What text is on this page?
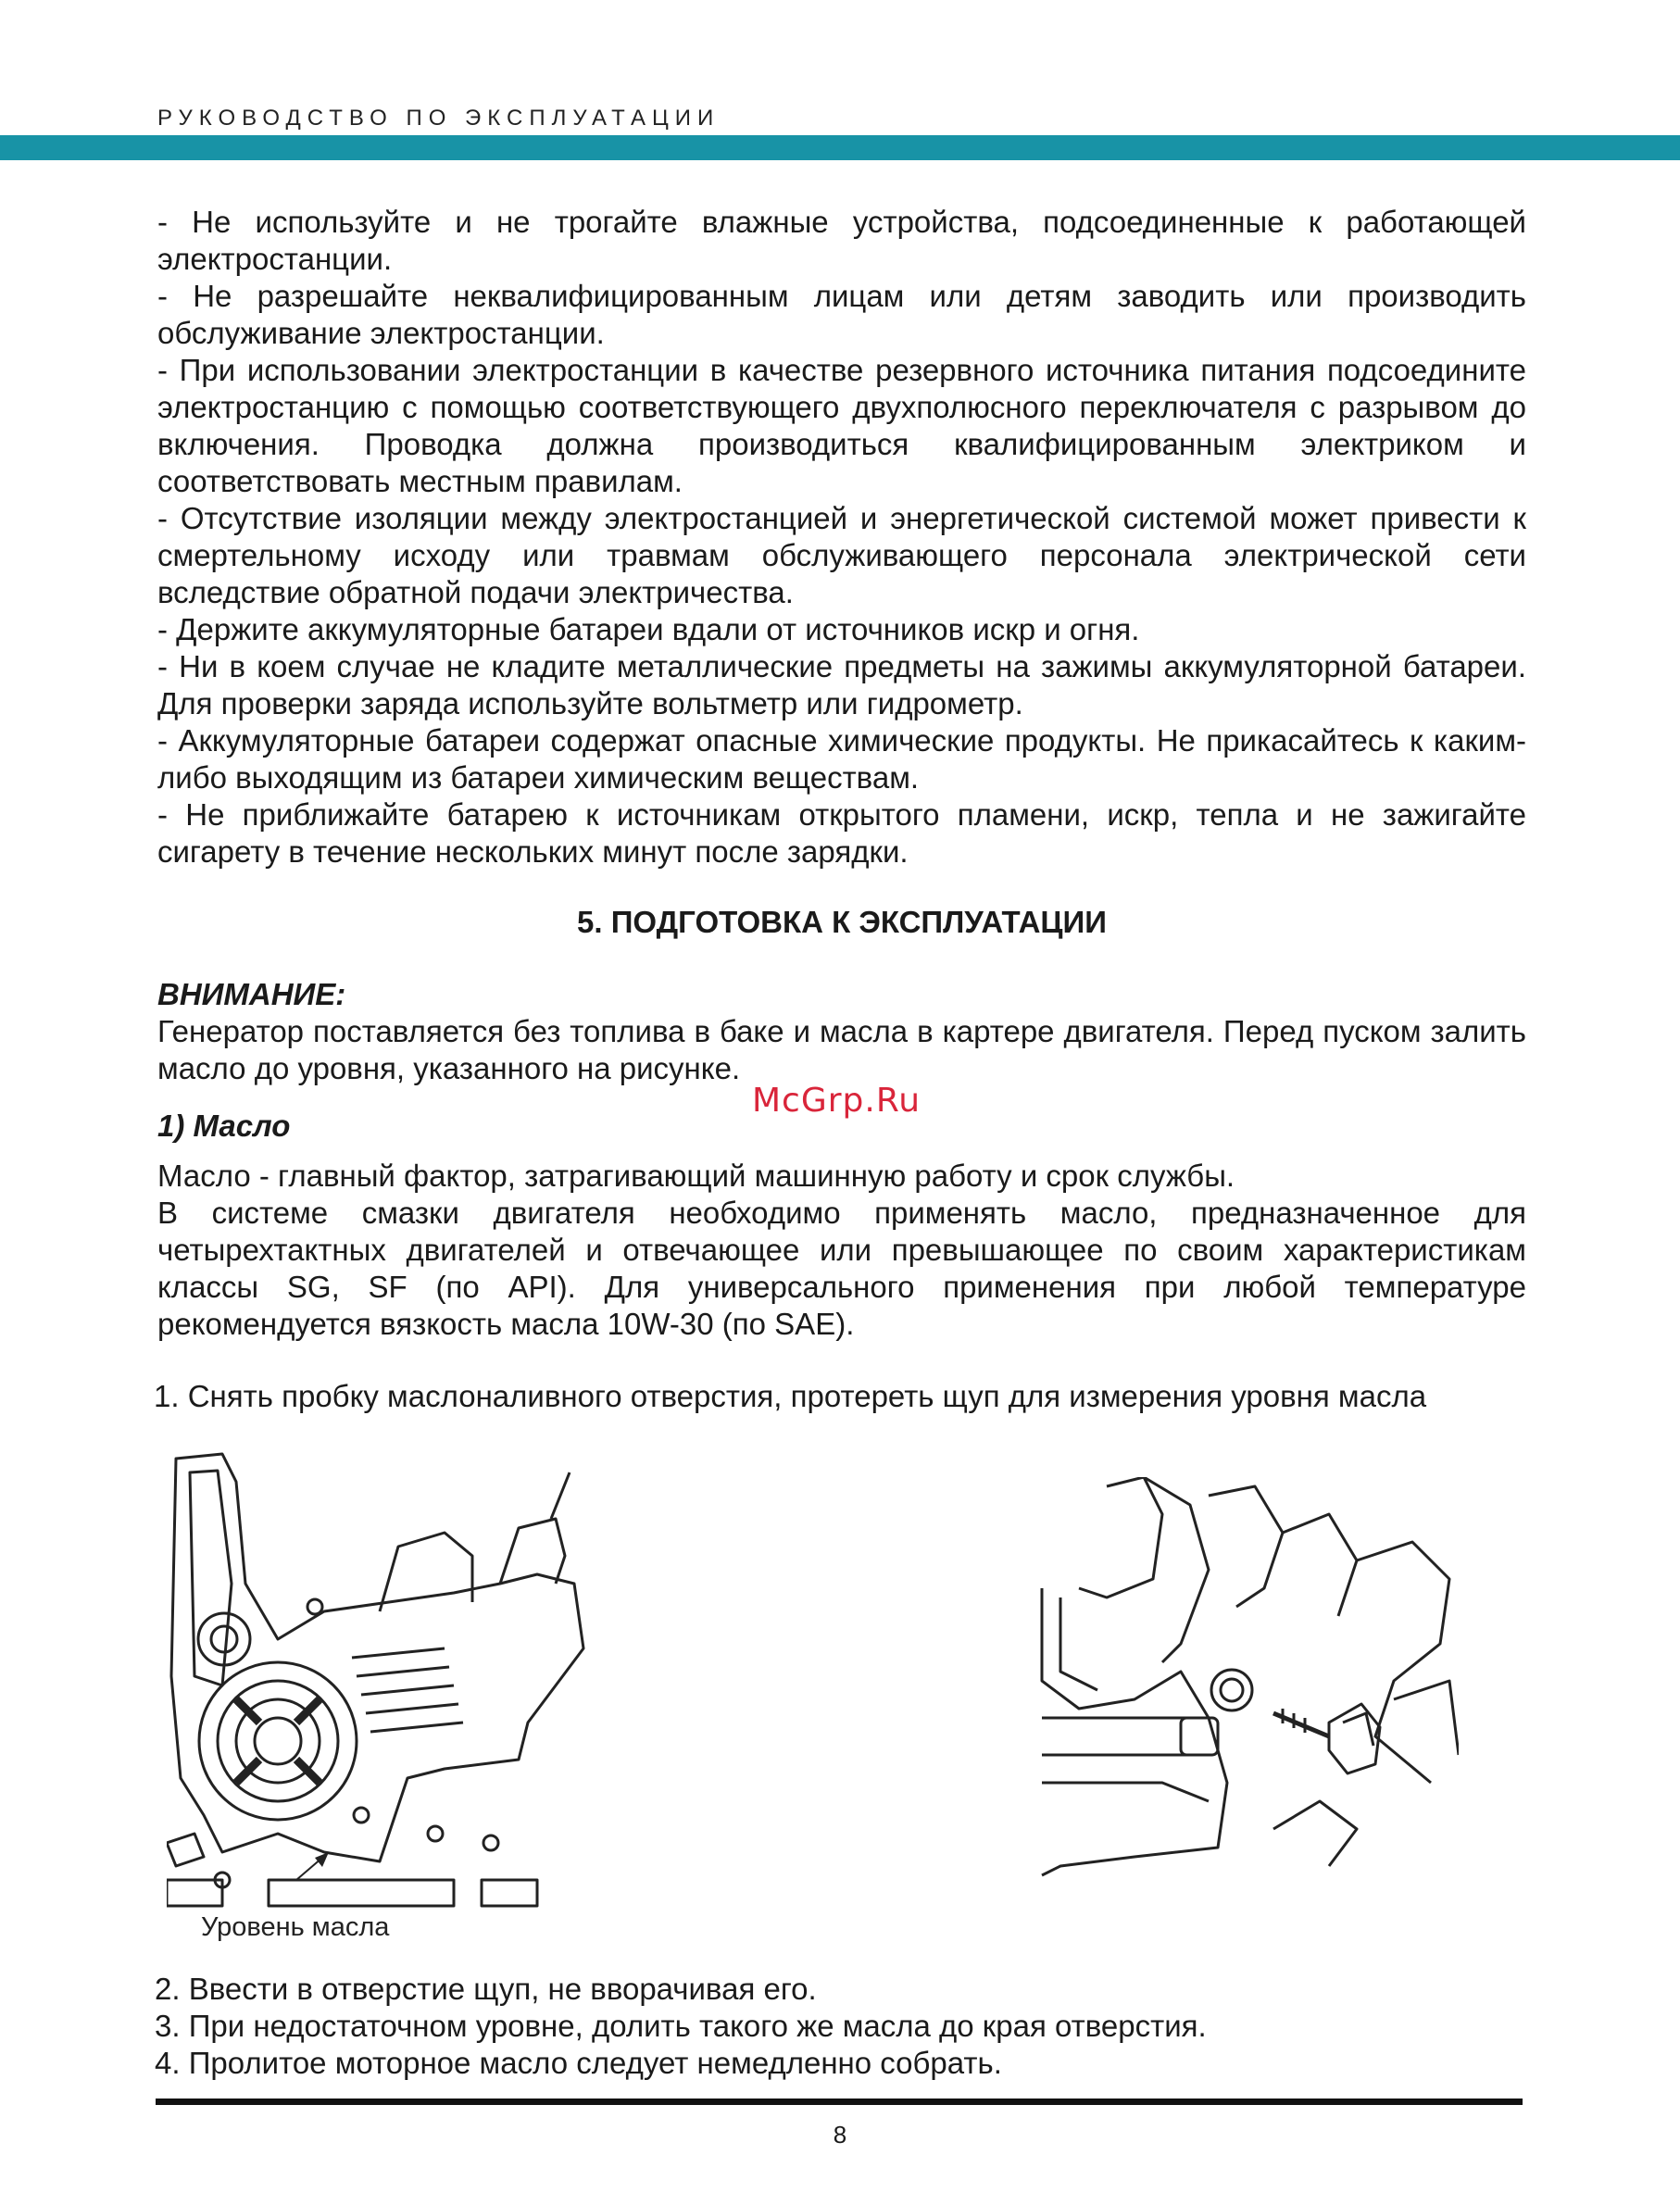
РУКОВОДСТВО ПО ЭКСПЛУАТАЦИИ

- Не используйте и не трогайте влажные устройства, подсоединенные к работающей электростанции.

- Не разрешайте неквалифицированным лицам или детям заводить или производить обслуживание электростанции.

- При использовании электростанции в качестве резервного источника питания подсоедините электростанцию с помощью соответствующего двухполюсного переключателя с разрывом до включения. Проводка должна производиться квалифицированным электриком и соответствовать местным правилам.

- Отсутствие изоляции между электростанцией и энергетической системой может привести к смертельному исходу или травмам обслуживающего персонала электрической сети вследствие обратной подачи электричества.

- Держите аккумуляторные батареи вдали от источников искр и огня.

- Ни в коем случае не кладите металлические предметы на зажимы аккумуляторной батареи. Для проверки заряда используйте вольтметр или гидрометр.

- Аккумуляторные батареи содержат опасные химические продукты. Не прикасайтесь к каким-либо выходящим из батареи химическим веществам.

- Не приближайте батарею к источникам открытого пламени, искр, тепла и не зажигайте сигарету в течение нескольких минут после зарядки.

5. ПОДГОТОВКА К ЭКСПЛУАТАЦИИ
ВНИМАНИЕ:

Генератор поставляется без топлива в баке и масла в картере двигателя. Перед пуском залить масло до уровня, указанного на рисунке.

1) Масло

Масло - главный фактор, затрагивающий машинную работу и срок службы.

В системе смазки двигателя необходимо применять масло, предназначенное для четырехтактных двигателей и отвечающее или превышающее по своим характеристикам классы SG, SF (по API). Для универсального применения при любой температуре рекомендуется вязкость масла 10W-30 (по SAE).

1. Снять пробку маслоналивного отверстия, протереть щуп для измерения уровня масла
McGrp.Ru
Уровень масла
2. Ввести в отверстие щуп, не вворачивая его.
3. При недостаточном уровне, долить такого же масла до края отверстия.
4. Пролитое моторное масло следует немедленно собрать.
8
